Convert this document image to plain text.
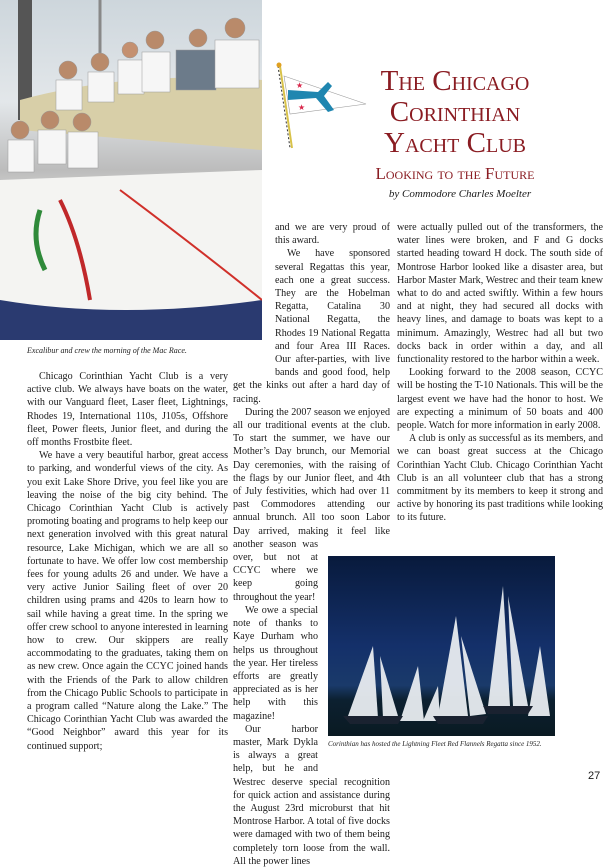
Excalibur and crew the morning of the Mac Race.
★
★
The Chicago
Corinthian
Yacht Club
Looking to the Future
by Commodore Charles Moelter

Chicago Corinthian Yacht Club is a very active club. We always have boats on the water, with our Vanguard fleet, Laser fleet, Lightnings, Rhodes 19, International 110s, J105s, Offshore fleet, Power fleets, Junior fleet, and during the off months Frostbite fleet.

We have a very beautiful harbor, great access to parking, and wonderful views of the city. As you exit Lake Shore Drive, you feel like you are leaving the noise of the big city behind. The Chicago Corinthian Yacht Club is actively promoting boating and programs to help keep our next generation involved with this great natural resource, Lake Michigan, which we are all so fortunate to have. We offer low cost membership fees for young adults 26 and under. We have a very active Junior Sailing fleet of over 20 children using prams and 420s to learn how to sail while having a great time. In the spring we offer crew school to anyone interested in learning how to crew. Our skippers are really accommodating to the graduates, taking them on as new crew. Once again the CCYC joined hands with the Friends of the Park to allow children from the Chicago Public Schools to participate in a program called “Nature along the Lake.” The Chicago Corinthian Yacht Club was awarded the “Good Neighbor” award this year for its continued support;

and we are very proud of this award.

We have sponsored several Regattas this year, each one a great success. They are the Hobelman Regatta, Catalina 30 National Regatta, the Rhodes 19 National Regatta and four Area III Races. Our after-parties, with live bands and good food, help get the kinks out after a hard day of racing.

During the 2007 season we enjoyed all our traditional events at the club. To start the summer, we have our Mother’s Day brunch, our Memorial Day ceremonies, with the raising of the flags by our Junior fleet, and 4th of July festivities, which had over 11 past Commodores attending our annual brunch. All too soon Labor Day arrived, making it feel like another season was over, but not at CCYC where we keep going throughout the year!

We owe a special note of thanks to Kaye Durham who helps us throughout the year. Her tireless efforts are greatly appreciated as is her help with this magazine!

Our harbor master, Mark Dykla is always a great help, but he and Westrec deserve special recognition for quick action and assistance during the August 23rd microburst that hit Montrose Harbor. A total of five docks were damaged with two of them being completely torn loose from the wall. All the power lines

were actually pulled out of the transformers, the water lines were broken, and F and G docks started heading toward H dock. The south side of Montrose Harbor looked like a disaster area, but Harbor Master Mark, Westrec and their team knew what to do and acted swiftly. Within a few hours and at night, they had secured all docks with heavy lines, and damage to boats was kept to a minimum. Amazingly, Westrec had all but two docks back in order within a day, and all functionality restored to the harbor within a week.

Looking forward to the 2008 season, CCYC will be hosting the T-10 Nationals. This will be the largest event we have had the honor to host. We are expecting a minimum of 50 boats and 400 people. Watch for more information in early 2008.

A club is only as successful as its members, and we can boast great success at the Chicago Corinthian Yacht Club. Chicago Corinthian Yacht Club is an all volunteer club that has a strong commitment by its members to keep it strong and active by honoring its past traditions while looking to its future.

Corinthian has hosted the Lightning Fleet Red Flannels Regatta since 1952.
27
